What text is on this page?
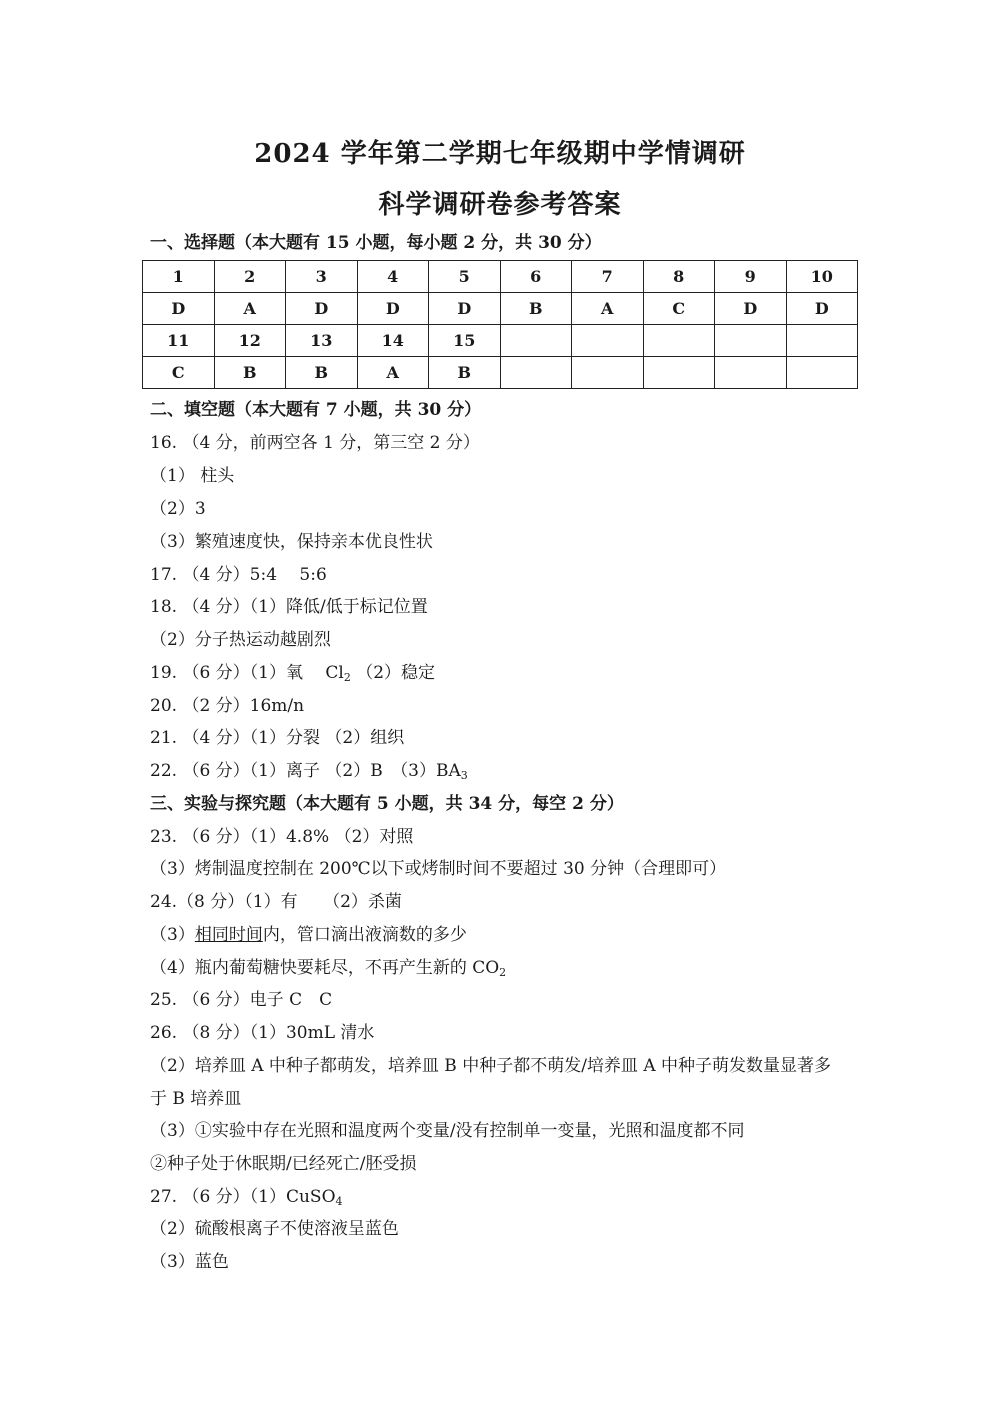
2024 学年第二学期七年级期中学情调研
科学调研卷参考答案
一、选择题（本大题有 15 小题，每小题 2 分，共 30 分）
1	2	3	4	5	6	7	8	9	10
D	A	D	D	D	B	A	C	D	D
11	12	13	14	15					
C	B	B	A	B					
二、填空题（本大题有 7 小题，共 30 分）
16. （4 分，前两空各 1 分，第三空 2 分）
（1） 柱头
（2）3
（3）繁殖速度快，保持亲本优良性状
17. （4 分）5:4　 5:6
18. （4 分）（1）降低/低于标记位置
（2）分子热运动越剧烈
19. （6 分）（1）氧　 $Cl_2$ （2）稳定
20. （2 分）16m/n
21. （4 分）（1）分裂 （2）组织
22. （6 分）（1）离子 （2）B　$(3)BA_3$
三、实验与探究题（本大题有 5 小题，共 34 分，每空 2 分）
23. （6 分）（1）4.8% （2）对照
（3）烤制温度控制在 200℃以下或烤制时间不要超过 30 分钟（合理即可）
24.（8 分）（1）有　　（2）杀菌
（3）相同时间内，管口滴出液滴数的多少
（4）瓶内葡萄糖快要耗尽，不再产生新的 $CO_2$
25. （6 分）电子 C　C
26. （8 分）（1）30mL 清水
（2）培养皿 A 中种子都萌发，培养皿 B 中种子都不萌发/培养皿 A 中种子萌发数量显著多
于 B 培养皿
（3）①实验中存在光照和温度两个变量/没有控制单一变量，光照和温度都不同
②种子处于休眠期/已经死亡/胚受损
27. （6 分）（1）CuSO$_4$
（2）硫酸根离子不使溶液呈蓝色
（3）蓝色
